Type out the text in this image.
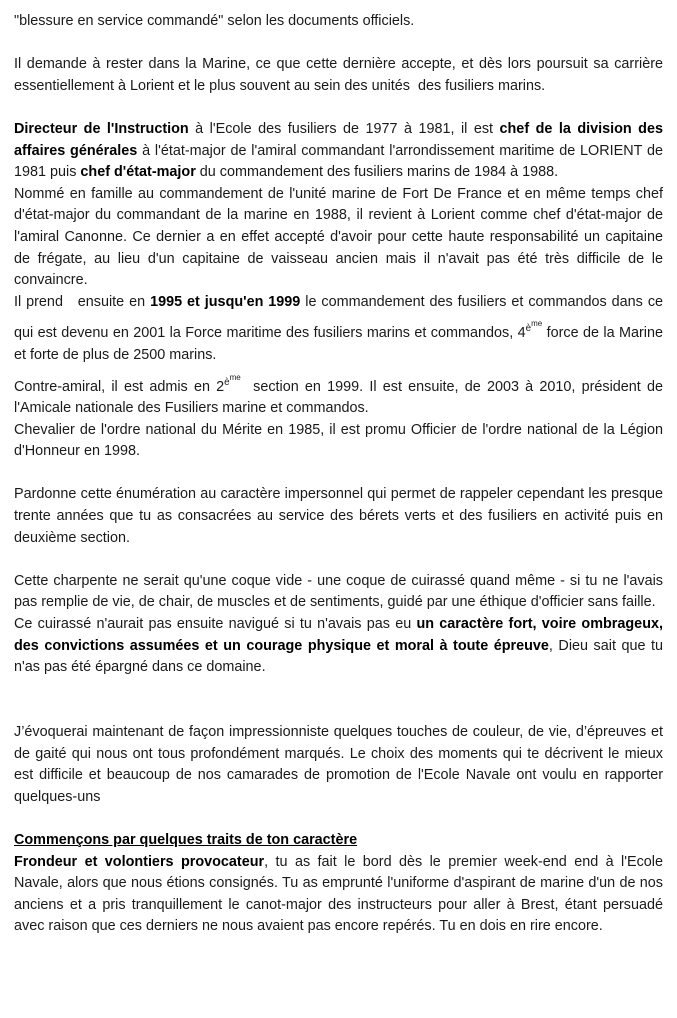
"blessure en service commandé" selon les documents officiels.

Il demande à rester dans la Marine, ce que cette dernière accepte, et dès lors poursuit sa carrière essentiellement à Lorient et le plus souvent au sein des unités  des fusiliers marins.

Directeur de l'Instruction à l'Ecole des fusiliers de 1977 à 1981, il est chef de la division des affaires générales à l'état-major de l'amiral commandant l'arrondissement maritime de LORIENT de 1981 puis chef d'état-major du commandement des fusiliers marins de 1984 à 1988.

Nommé en famille au commandement de l'unité marine de Fort De France et en même temps chef d'état-major du commandant de la marine en 1988, il revient à Lorient comme chef d'état-major de l'amiral Canonne. Ce dernier a en effet accepté d'avoir pour cette haute responsabilité un capitaine de frégate, au lieu d'un capitaine de vaisseau ancien mais il n'avait pas été très difficile de le convaincre.

Il prend   ensuite en 1995 et jusqu'en 1999 le commandement des fusiliers et commandos dans ce qui est devenu en 2001 la Force maritime des fusiliers marins et commandos, 4ème force de la Marine et forte de plus de 2500 marins.

Contre-amiral, il est admis en 2ème  section en 1999. Il est ensuite, de 2003 à 2010, président de l'Amicale nationale des Fusiliers marine et commandos.

Chevalier de l'ordre national du Mérite en 1985, il est promu Officier de l'ordre national de la Légion d'Honneur en 1998.

Pardonne cette énumération au caractère impersonnel qui permet de rappeler cependant les presque trente années que tu as consacrées au service des bérets verts et des fusiliers en activité puis en deuxième section.

Cette charpente ne serait qu'une coque vide - une coque de cuirassé quand même - si tu ne l'avais pas remplie de vie, de chair, de muscles et de sentiments, guidé par une éthique d'officier sans faille.

Ce cuirassé n'aurait pas ensuite navigué si tu n'avais pas eu un caractère fort, voire ombrageux, des convictions assumées et un courage physique et moral à toute épreuve, Dieu sait que tu n'as pas été épargné dans ce domaine.

J’évoquerai maintenant de façon impressionniste quelques touches de couleur, de vie, d’épreuves et de gaité qui nous ont tous profondément marqués. Le choix des moments qui te décrivent le mieux est difficile et beaucoup de nos camarades de promotion de l'Ecole Navale ont voulu en rapporter quelques-uns

Commençons par quelques traits de ton caractère

Frondeur et volontiers provocateur, tu as fait le bord dès le premier week-end end à l'Ecole Navale, alors que nous étions consignés. Tu as emprunté l'uniforme d'aspirant de marine d'un de nos anciens et a pris tranquillement le canot-major des instructeurs pour aller à Brest, étant persuadé avec raison que ces derniers ne nous avaient pas encore repérés. Tu en dois en rire encore.
